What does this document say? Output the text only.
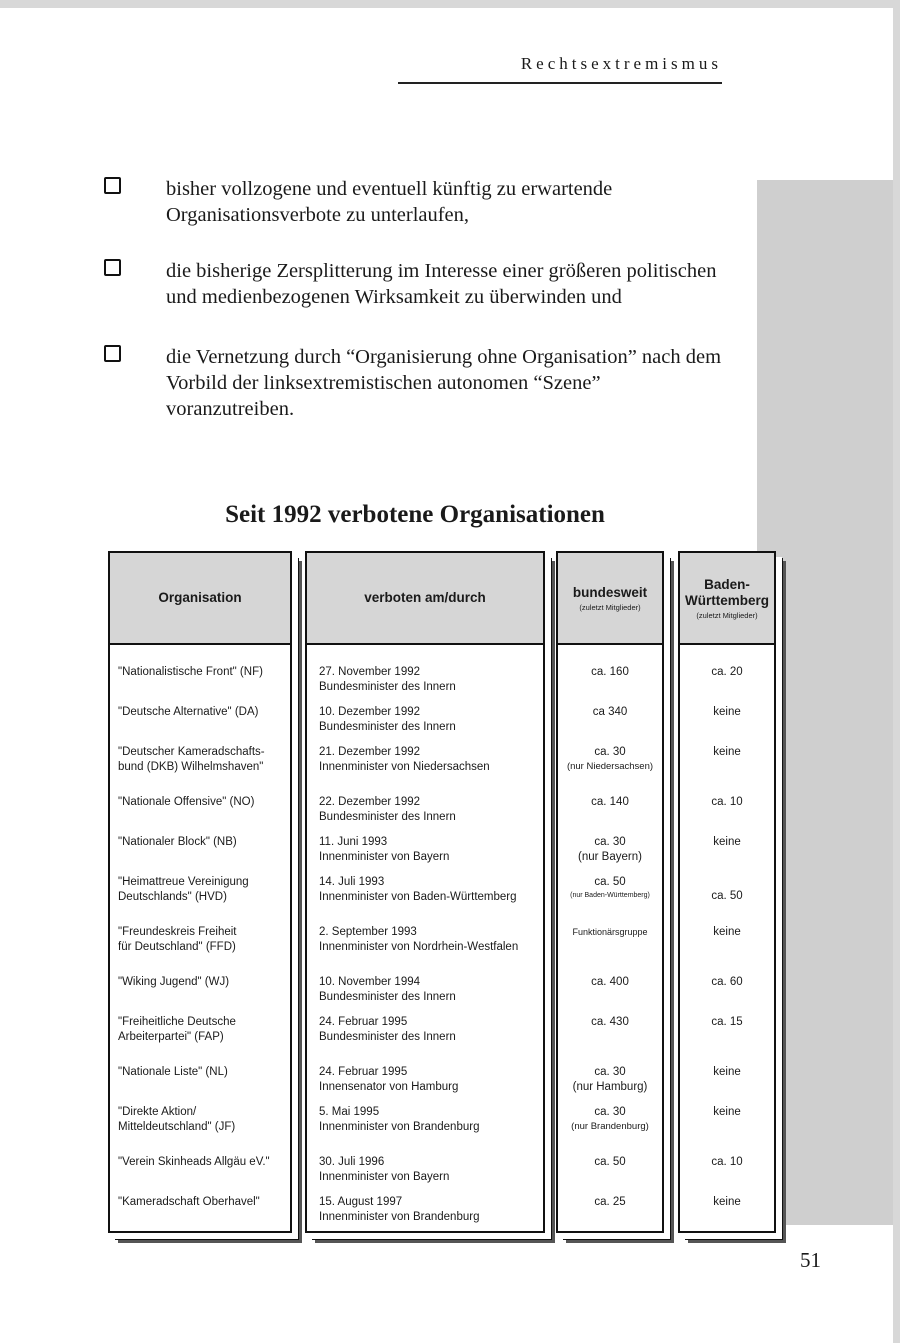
Rechtsextremismus
bisher vollzogene und eventuell künftig zu erwartende Organisationsverbote zu unterlaufen,
die bisherige Zersplitterung im Interesse einer größeren politischen und medienbezogenen Wirksamkeit zu überwinden und
die Vernetzung durch “Organisierung ohne Organisation” nach dem Vorbild der linksextremistischen autonomen “Szene” voranzutreiben.
Seit 1992 verbotene Organisationen
Organisation
"Nationalistische Front" (NF)
"Deutsche Alternative" (DA)
"Deutscher Kameradschafts-
bund (DKB) Wilhelmshaven"
"Nationale Offensive" (NO)
"Nationaler Block" (NB)
"Heimattreue Vereinigung
Deutschlands" (HVD)
"Freundeskreis Freiheit
für Deutschland" (FFD)
"Wiking Jugend" (WJ)
"Freiheitliche Deutsche
Arbeiterpartei" (FAP)
"Nationale Liste" (NL)
"Direkte Aktion/
Mitteldeutschland" (JF)
"Verein Skinheads Allgäu eV."
"Kameradschaft Oberhavel"
verboten am/durch
27. November 1992
Bundesminister des Innern
10. Dezember 1992
Bundesminister des Innern
21. Dezember 1992
Innenminister von Niedersachsen
22. Dezember 1992
Bundesminister des Innern
11. Juni 1993
Innenminister von Bayern
14. Juli 1993
Innenminister von Baden-Württemberg
2. September 1993
Innenminister von Nordrhein-Westfalen
10. November 1994
Bundesminister des Innern
24. Februar 1995
Bundesminister des Innern
24. Februar 1995
Innensenator von Hamburg
5. Mai 1995
Innenminister von Brandenburg
30. Juli 1996
Innenminister von Bayern
15. August 1997
Innenminister von Brandenburg
bundesweit
(zuletzt Mitglieder)
ca. 160
ca 340
ca. 30
(nur Niedersachsen)
ca. 140
ca. 30
(nur Bayern)
ca. 50
(nur Baden-Württemberg)
Funktionärsgruppe
ca. 400
ca. 430
ca. 30
(nur Hamburg)
ca. 30
(nur Brandenburg)
ca. 50
ca. 25
Baden-
Württemberg
(zuletzt Mitglieder)
ca. 20
keine
keine
ca. 10
keine
ca. 50
keine
ca. 60
ca. 15
keine
keine
ca. 10
keine
51
